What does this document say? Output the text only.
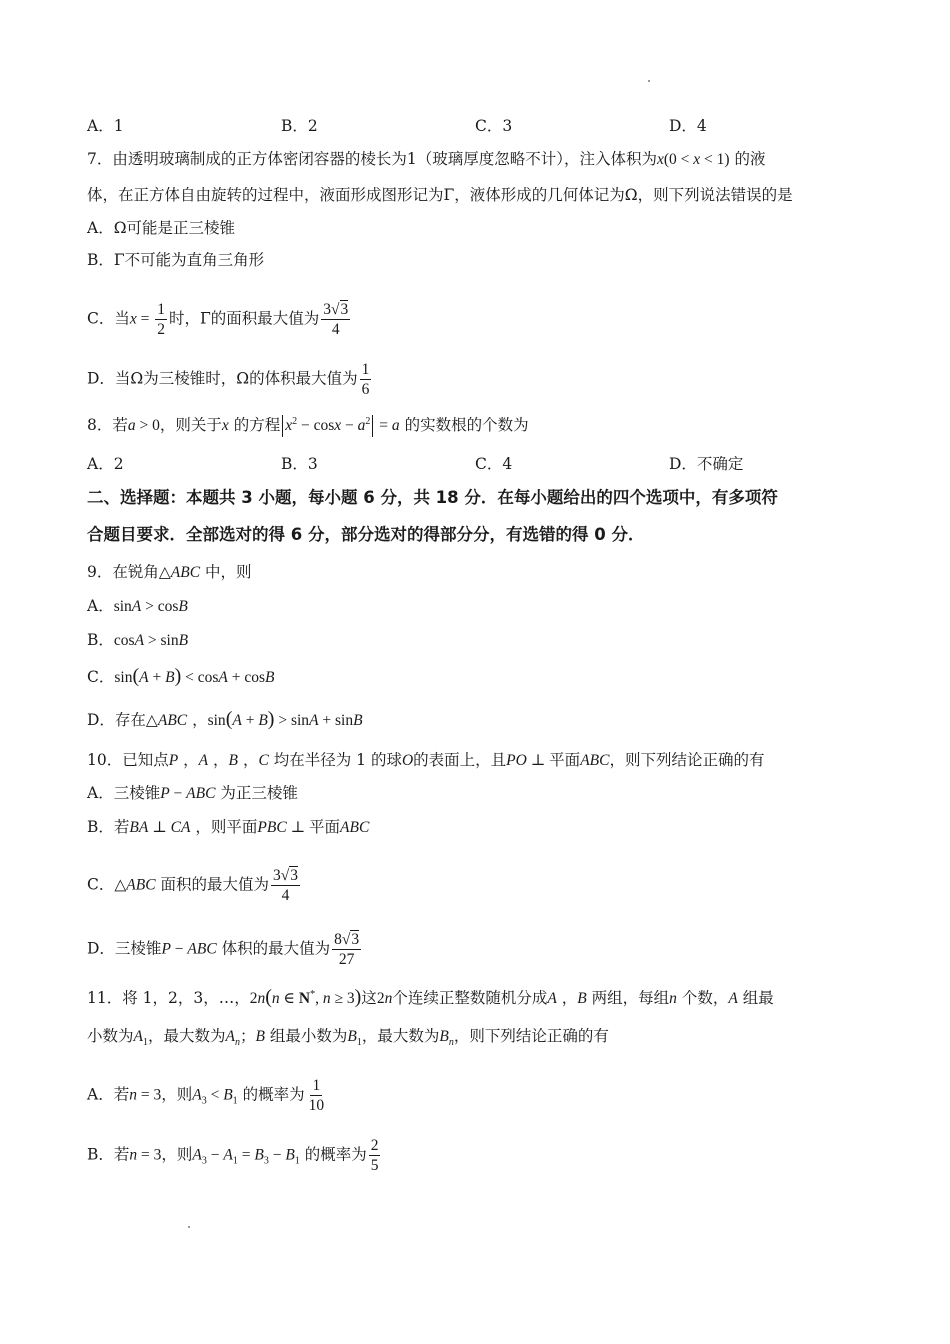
A．1	B．2	C．3	D．4
7．由透明玻璃制成的正方体密闭容器的棱长为1（玻璃厚度忽略不计），注入体积为x(0 < x < 1) 的液
体，在正方体自由旋转的过程中，液面形成图形记为Γ，液体形成的几何体记为Ω，则下列说法错误的是
A．Ω可能是正三棱锥
B．Γ不可能为直角三角形
C．当$x = \frac{1}{2}$ 时，Γ的面积最大值为 $\frac{3√3}{4}$
D．当Ω为三棱锥时，Ω的体积最大值为 $\frac{1}{6}$
8．若a > 0，则关于x 的方程 $x^2 - \cos x - a^2 = a$ 的实数根的个数为
A．2	B．3	C．4	D．不确定
二、选择题：本题共 3 小题，每小题 6 分，共 18 分．在每小题给出的四个选项中，有多项符
合题目要求．全部选对的得 6 分，部分选对的得部分分，有选错的得 0 分．
9．在锐角△ABC 中，则
A．sinA > cosB
B．cosA > sinB
C．sin(A + B) < cosA + cosB
D．存在△ABC ，sin(A + B) > sinA + sinB
10．已知点P ，A ，B ，C 均在半径为 1 的球O的表面上，且PO ⊥ 平面ABC，则下列结论正确的有
A．三棱锥P − ABC 为正三棱锥
B．若BA ⊥ CA ，则平面PBC ⊥ 平面ABC
C．△ABC 面积的最大值为 $\frac{3√3}{4}$
D．三棱锥P − ABC 体积的最大值为 $\frac{8√3}{27}$
11．将 1，2，3，…，2n(n ∈ N*, n ≥ 3)这2n个连续正整数随机分成A ，B 两组，每组n 个数，A 组最
小数为$A_1$，最大数为$A_n$；B 组最小数为$B_1$，最大数为$B_n$，则下列结论正确的有
A．若n = 3，则$A_3 < B_1$ 的概率为 $\frac{1}{10}$
B．若n = 3，则$A_3 - A_1 = B_3 - B_1$ 的概率为 $\frac{2}{5}$
